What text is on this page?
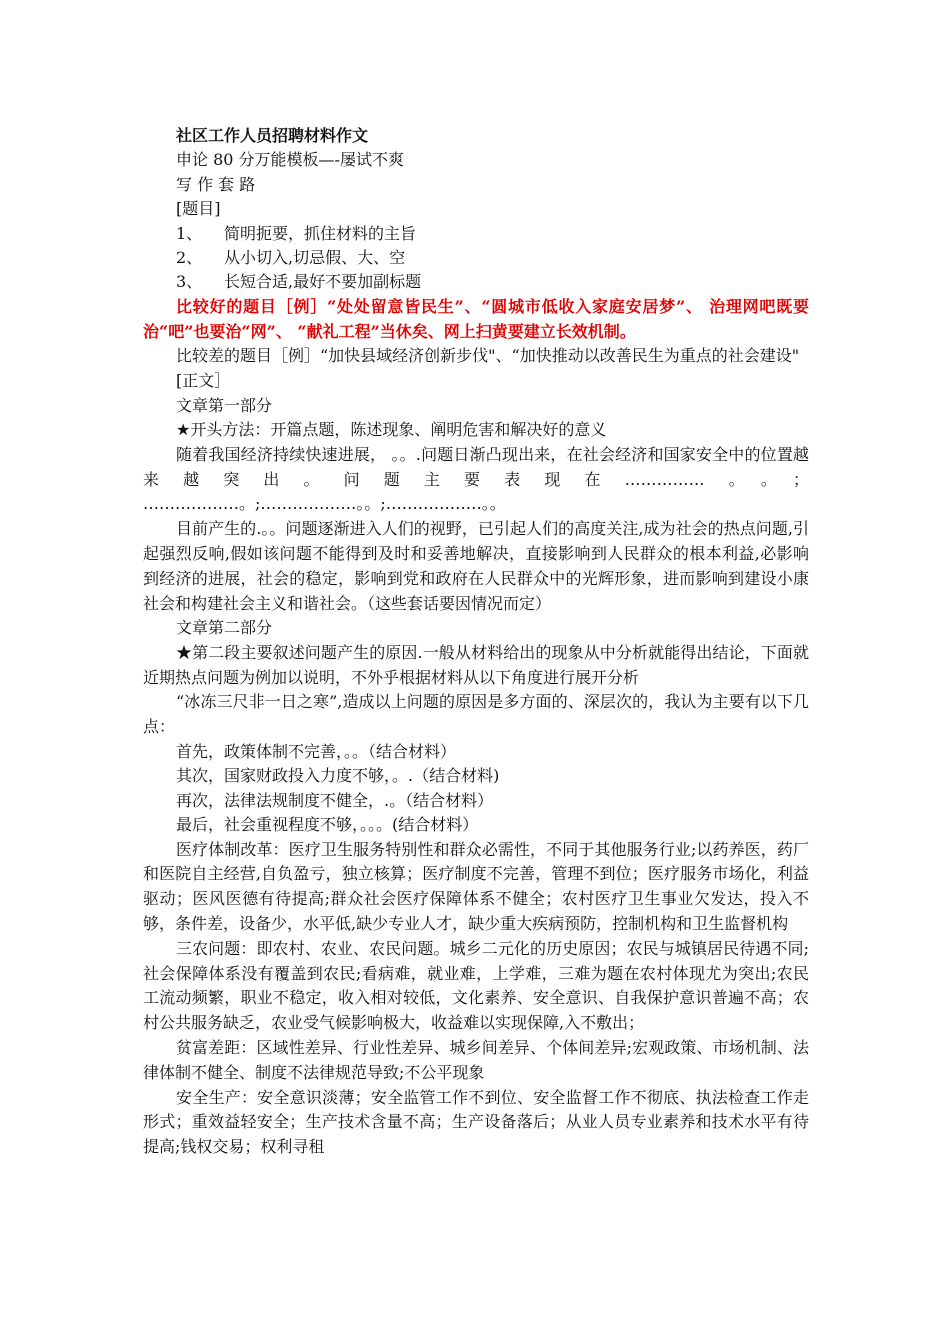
社区工作人员招聘材料作文
申论 80 分万能模板—-屡试不爽
写 作 套 路
[题目]
1、 简明扼要，抓住材料的主旨
2、 从小切入,切忌假、大、空
3、 长短合适,最好不要加副标题

比较好的题目［例］“处处留意皆民生”、“圆城市低收入家庭安居梦”、 治理网吧既要治“吧”也要治“网”、 “献礼工程”当休矣、网上扫黄要建立长效机制。

比较差的题目［例］“加快县域经济创新步伐"、“加快推动以改善民生为重点的社会建设"

[正文］
文章第一部分

★开头方法：开篇点题，陈述现象、阐明危害和解决好的意义

随着我国经济持续快速进展， 。。.问题日渐凸现出来，在社会经济和国家安全中的位置越来越突出。问题主要表现在……………。。； ………………。;………………。。;………………。。

目前产生的.。。问题逐渐进入人们的视野，已引起人们的高度关注,成为社会的热点问题,引起强烈反响,假如该问题不能得到及时和妥善地解决，直接影响到人民群众的根本利益,必影响到经济的进展，社会的稳定，影响到党和政府在人民群众中的光辉形象，进而影响到建设小康社会和构建社会主义和谐社会。（这些套话要因情况而定）

文章第二部分

★第二段主要叙述问题产生的原因.一般从材料给出的现象从中分析就能得出结论，下面就近期热点问题为例加以说明，不外乎根据材料从以下角度进行展开分析

“冰冻三尺非一日之寒”,造成以上问题的原因是多方面的、深层次的，我认为主要有以下几点：

首先，政策体制不完善，。。（结合材料）
其次，国家财政投入力度不够，。.（结合材料)
再次，法律法规制度不健全，.。（结合材料）
最后，社会重视程度不够，。。。(结合材料）

医疗体制改革：医疗卫生服务特别性和群众必需性，不同于其他服务行业;以药养医，药厂和医院自主经营,自负盈亏，独立核算；医疗制度不完善，管理不到位；医疗服务市场化，利益驱动；医风医德有待提高;群众社会医疗保障体系不健全；农村医疗卫生事业欠发达，投入不够，条件差，设备少，水平低,缺少专业人才，缺少重大疾病预防，控制机构和卫生监督机构

三农问题：即农村、农业、农民问题。城乡二元化的历史原因；农民与城镇居民待遇不同;社会保障体系没有覆盖到农民;看病难，就业难，上学难，三难为题在农村体现尤为突出;农民工流动频繁，职业不稳定，收入相对较低，文化素养、安全意识、自我保护意识普遍不高；农村公共服务缺乏，农业受气候影响极大，收益难以实现保障,入不敷出；

贫富差距：区域性差异、行业性差异、城乡间差异、个体间差异;宏观政策、市场机制、法律体制不健全、制度不法律规范导致;不公平现象

安全生产：安全意识淡薄；安全监管工作不到位、安全监督工作不彻底、执法检查工作走形式；重效益轻安全；生产技术含量不高；生产设备落后；从业人员专业素养和技术水平有待提高;钱权交易；权利寻租
